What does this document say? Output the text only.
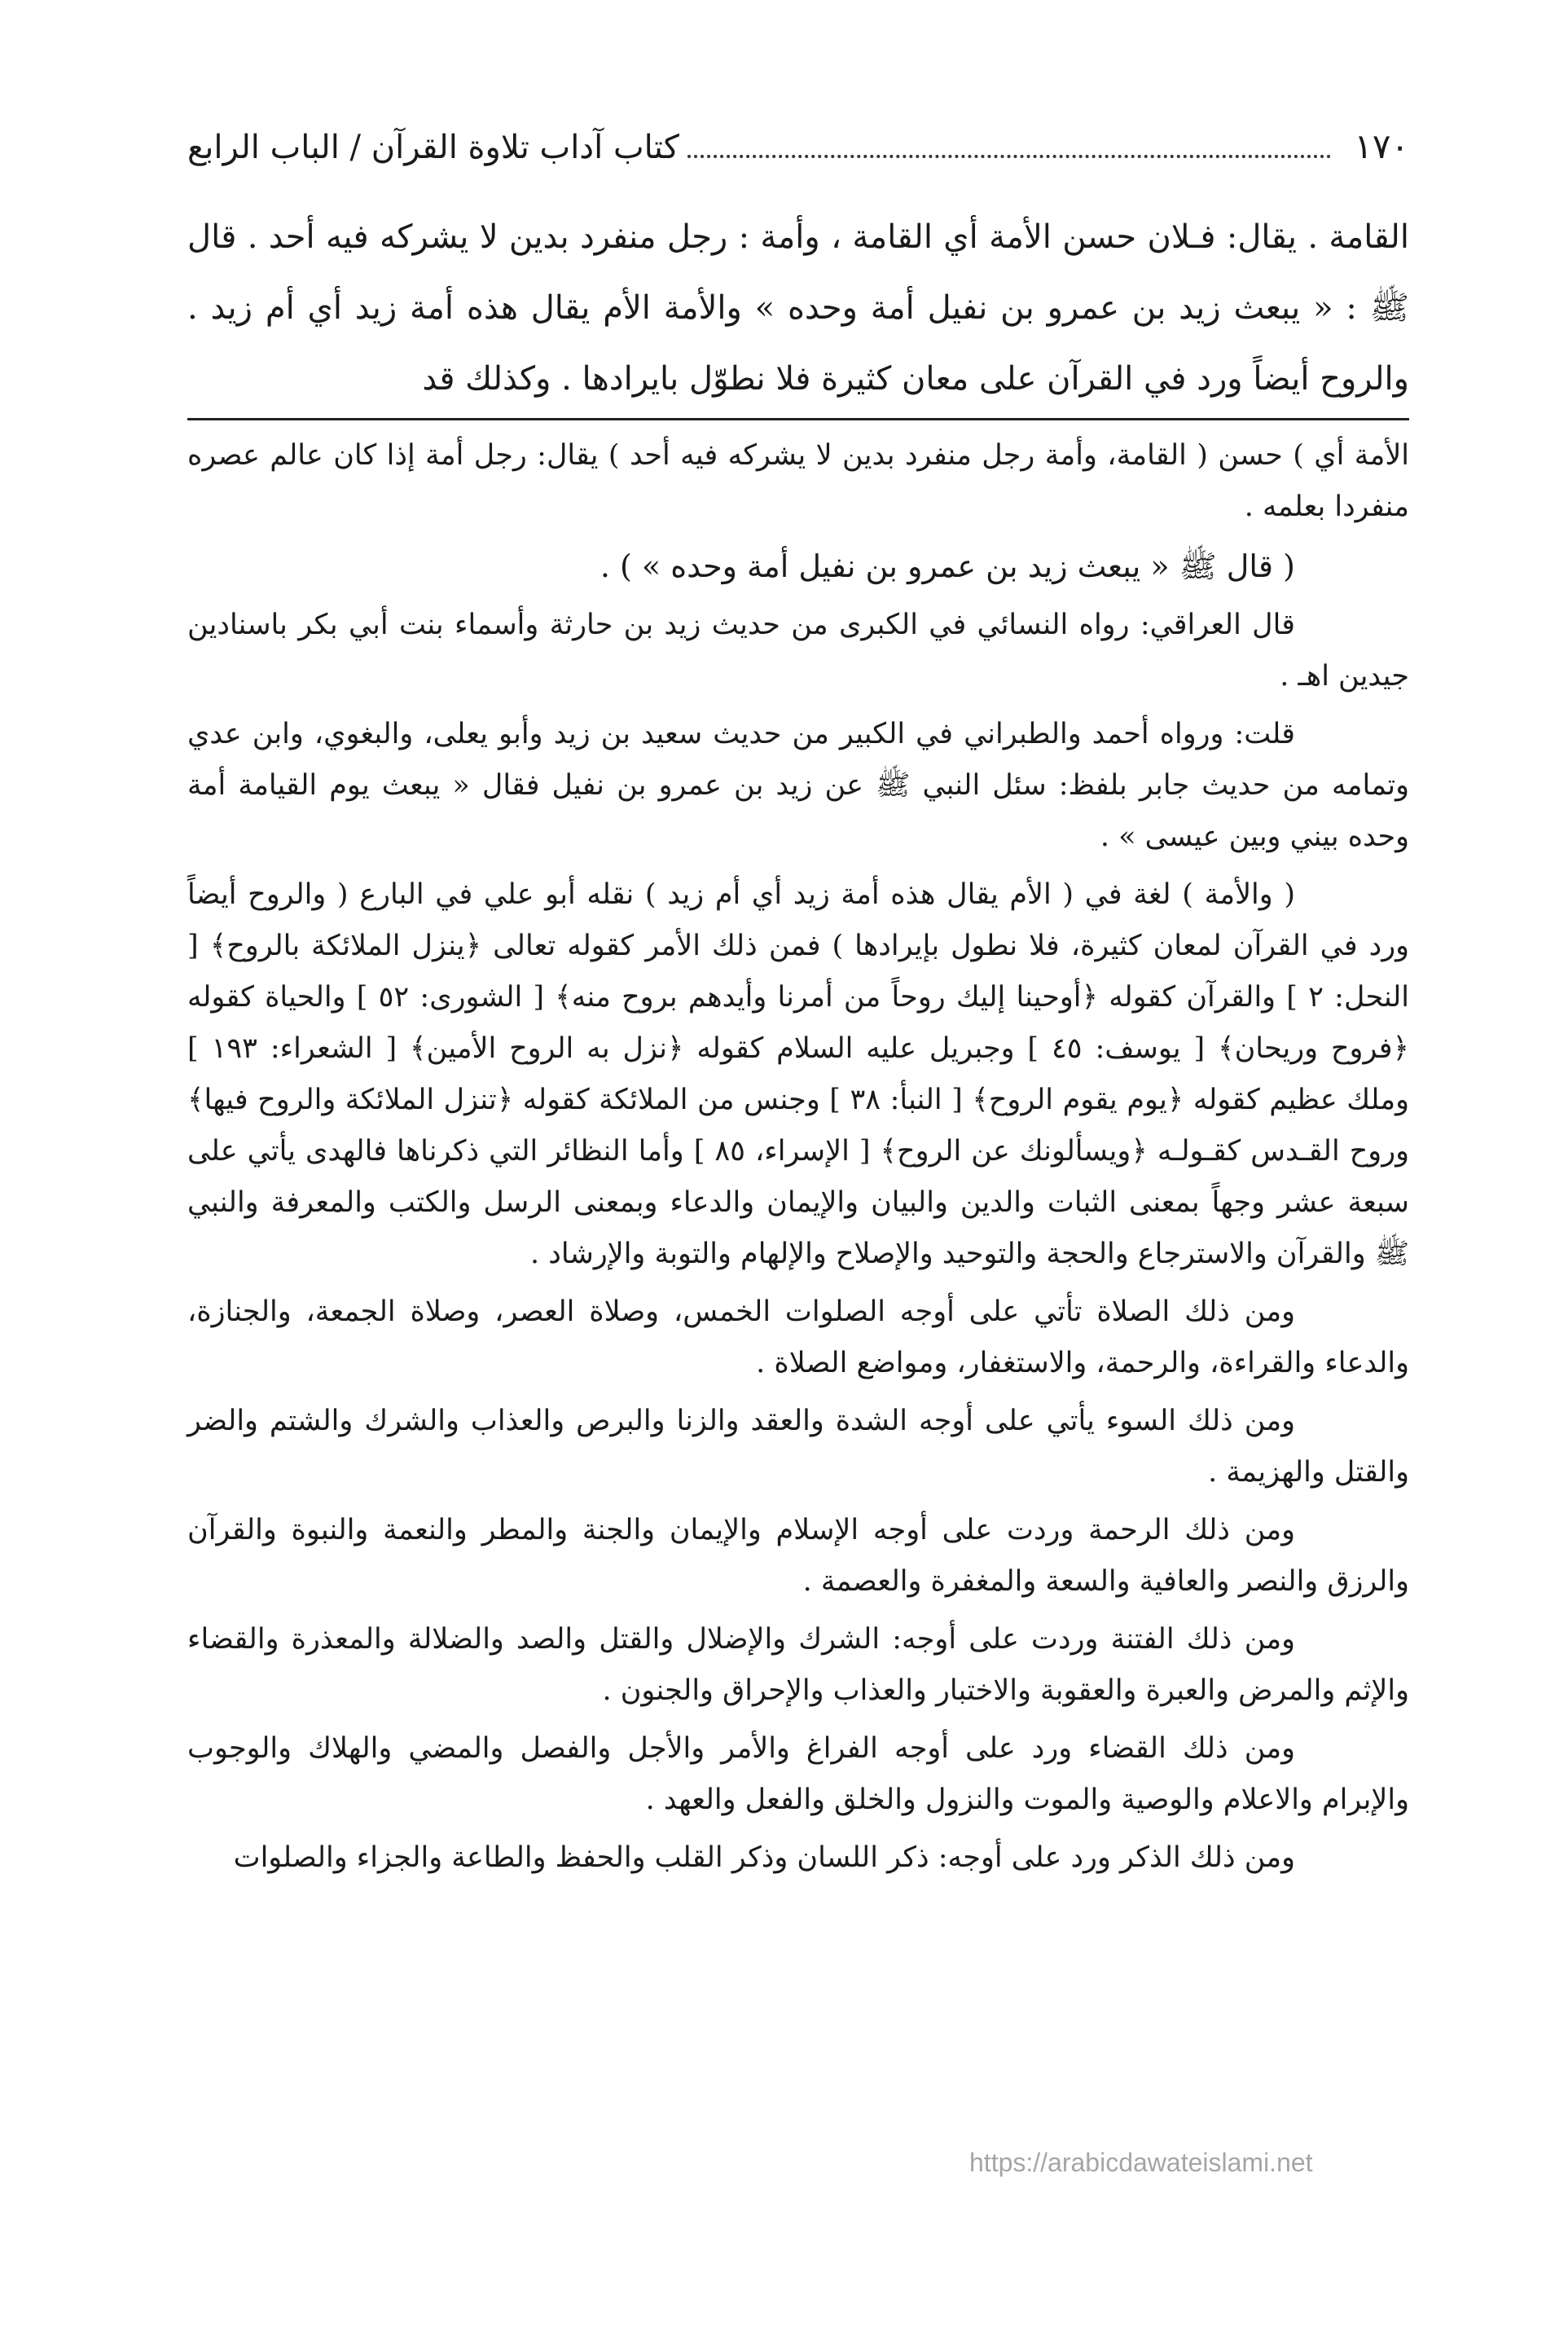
١٧٠
كتاب آداب تلاوة القرآن / الباب الرابع
القامة . يقال: فـلان حسن الأمة أي القامة ، وأمة : رجل منفرد بدين لا يشركه فيه أحد . قال ﷺ : « يبعث زيد بن عمرو بن نفيل أمة وحده » والأمة الأم يقال هذه أمة زيد أي أم زيد . والروح أيضاً ورد في القرآن على معان كثيرة فلا نطوّل بايرادها . وكذلك قد

الأمة أي ) حسن ( القامة، وأمة رجل منفرد بدين لا يشركه فيه أحد ) يقال: رجل أمة إذا كان عالم عصره منفردا بعلمه .

( قال ﷺ « يبعث زيد بن عمرو بن نفيل أمة وحده » ) .

قال العراقي: رواه النسائي في الكبرى من حديث زيد بن حارثة وأسماء بنت أبي بكر باسنادين جيدين اهـ .

قلت: ورواه أحمد والطبراني في الكبير من حديث سعيد بن زيد وأبو يعلى، والبغوي، وابن عدي وتمامه من حديث جابر بلفظ: سئل النبي ﷺ عن زيد بن عمرو بن نفيل فقال « يبعث يوم القيامة أمة وحده بيني وبين عيسى » .

( والأمة ) لغة في ( الأم يقال هذه أمة زيد أي أم زيد ) نقله أبو علي في البارع ( والروح أيضاً ورد في القرآن لمعان كثيرة، فلا نطول بإيرادها ) فمن ذلك الأمر كقوله تعالى ﴿ينزل الملائكة بالروح﴾ [ النحل: ٢ ] والقرآن كقوله ﴿أوحينا إليك روحاً من أمرنا وأيدهم بروح منه﴾ [ الشورى: ٥٢ ] والحياة كقوله ﴿فروح وريحان﴾ [ يوسف: ٤٥ ] وجبريل عليه السلام كقوله ﴿نزل به الروح الأمين﴾ [ الشعراء: ١٩٣ ] وملك عظيم كقوله ﴿يوم يقوم الروح﴾ [ النبأ: ٣٨ ] وجنس من الملائكة كقوله ﴿تنزل الملائكة والروح فيها﴾ وروح القـدس كقـولـه ﴿ويسألونك عن الروح﴾ [ الإسراء، ٨٥ ] وأما النظائر التي ذكرناها فالهدى يأتي على سبعة عشر وجهاً بمعنى الثبات والدين والبيان والإيمان والدعاء وبمعنى الرسل والكتب والمعرفة والنبي ﷺ والقرآن والاسترجاع والحجة والتوحيد والإصلاح والإلهام والتوبة والإرشاد .

ومن ذلك الصلاة تأتي على أوجه الصلوات الخمس، وصلاة العصر، وصلاة الجمعة، والجنازة، والدعاء والقراءة، والرحمة، والاستغفار، ومواضع الصلاة .

ومن ذلك السوء يأتي على أوجه الشدة والعقد والزنا والبرص والعذاب والشرك والشتم والضر والقتل والهزيمة .

ومن ذلك الرحمة وردت على أوجه الإسلام والإيمان والجنة والمطر والنعمة والنبوة والقرآن والرزق والنصر والعافية والسعة والمغفرة والعصمة .

ومن ذلك الفتنة وردت على أوجه: الشرك والإضلال والقتل والصد والضلالة والمعذرة والقضاء والإثم والمرض والعبرة والعقوبة والاختبار والعذاب والإحراق والجنون .

ومن ذلك القضاء ورد على أوجه الفراغ والأمر والأجل والفصل والمضي والهلاك والوجوب والإبرام والاعلام والوصية والموت والنزول والخلق والفعل والعهد .

ومن ذلك الذكر ورد على أوجه: ذكر اللسان وذكر القلب والحفظ والطاعة والجزاء والصلوات

https://arabicdawateislami.net
